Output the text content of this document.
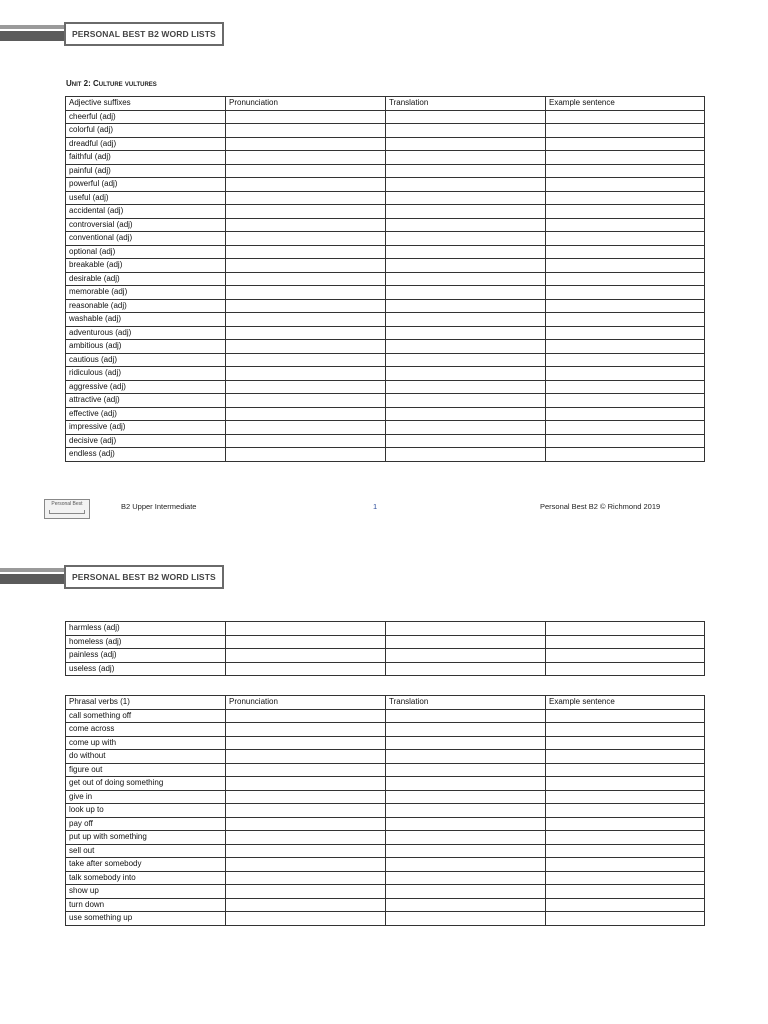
PERSONAL BEST B2 WORD LISTS
Unit 2: Culture vultures
Adjective suffixes	Pronunciation	Translation	Example sentence
cheerful (adj)			
colorful (adj)			
dreadful (adj)			
faithful (adj)			
painful (adj)			
powerful (adj)			
useful (adj)			
accidental (adj)			
controversial (adj)			
conventional (adj)			
optional (adj)			
breakable (adj)			
desirable (adj)			
memorable (adj)			
reasonable (adj)			
washable (adj)			
adventurous (adj)			
ambitious (adj)			
cautious (adj)			
ridiculous (adj)			
aggressive (adj)			
attractive (adj)			
effective (adj)			
impressive (adj)			
decisive (adj)			
endless (adj)			
Personal Best	B2 Upper Intermediate	1	Personal Best B2 © Richmond 2019
PERSONAL BEST B2 WORD LISTS
harmless (adj)			
homeless (adj)			
painless (adj)			
useless (adj)			
Phrasal verbs (1)	Pronunciation	Translation	Example sentence
call something off			
come across			
come up with			
do without			
figure out			
get out of doing something			
give in			
look up to			
pay off			
put up with something			
sell out			
take after somebody			
talk somebody into			
show up			
turn down			
use something up			
